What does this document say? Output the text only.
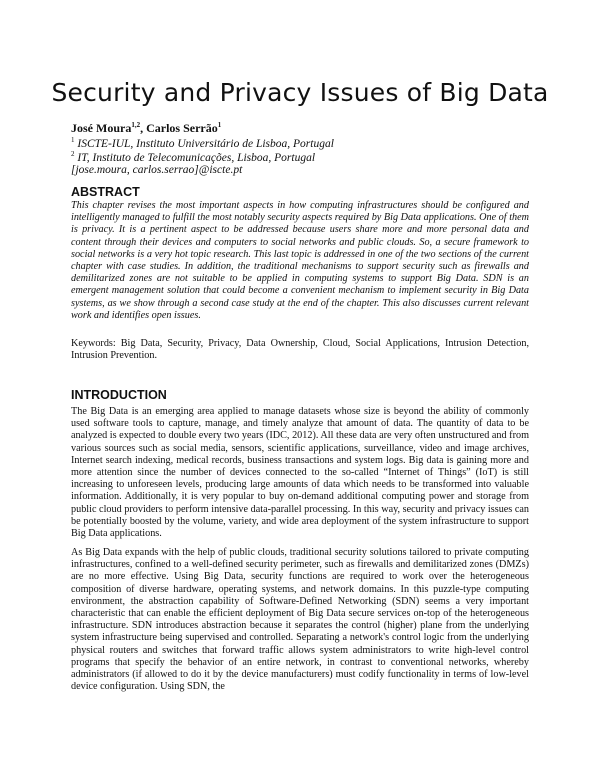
Security and Privacy Issues of Big Data
José Moura$^{1,2}$, Carlos Serrão$^1$
$^1$ ISCTE-IUL, Instituto Universitário de Lisboa, Portugal
$^2$ IT, Instituto de Telecomunicações, Lisboa, Portugal
[jose.moura, carlos.serrao]@iscte.pt
ABSTRACT

This chapter revises the most important aspects in how computing infrastructures should be configured and intelligently managed to fulfill the most notably security aspects required by Big Data applications. One of them is privacy. It is a pertinent aspect to be addressed because users share more and more personal data and content through their devices and computers to social networks and public clouds. So, a secure framework to social networks is a very hot topic research. This last topic is addressed in one of the two sections of the current chapter with case studies. In addition, the traditional mechanisms to support security such as firewalls and demilitarized zones are not suitable to be applied in computing systems to support Big Data. SDN is an emergent management solution that could become a convenient mechanism to implement security in Big Data systems, as we show through a second case study at the end of the chapter. This also discusses current relevant work and identifies open issues.

Keywords: Big Data, Security, Privacy, Data Ownership, Cloud, Social Applications, Intrusion Detection, Intrusion Prevention.

INTRODUCTION

The Big Data is an emerging area applied to manage datasets whose size is beyond the ability of commonly used software tools to capture, manage, and timely analyze that amount of data. The quantity of data to be analyzed is expected to double every two years (IDC, 2012). All these data are very often unstructured and from various sources such as social media, sensors, scientific applications, surveillance, video and image archives, Internet search indexing, medical records, business transactions and system logs. Big data is gaining more and more attention since the number of devices connected to the so-called “Internet of Things” (IoT) is still increasing to unforeseen levels, producing large amounts of data which needs to be transformed into valuable information. Additionally, it is very popular to buy on-demand additional computing power and storage from public cloud providers to perform intensive data-parallel processing. In this way, security and privacy issues can be potentially boosted by the volume, variety, and wide area deployment of the system infrastructure to support Big Data applications.

As Big Data expands with the help of public clouds, traditional security solutions tailored to private computing infrastructures, confined to a well-defined security perimeter, such as firewalls and demilitarized zones (DMZs) are no more effective. Using Big Data, security functions are required to work over the heterogeneous composition of diverse hardware, operating systems, and network domains. In this puzzle-type computing environment, the abstraction capability of Software-Defined Networking (SDN) seems a very important characteristic that can enable the efficient deployment of Big Data secure services on-top of the heterogeneous infrastructure. SDN introduces abstraction because it separates the control (higher) plane from the underlying system infrastructure being supervised and controlled. Separating a network's control logic from the underlying physical routers and switches that forward traffic allows system administrators to write high-level control programs that specify the behavior of an entire network, in contrast to conventional networks, whereby administrators (if allowed to do it by the device manufacturers) must codify functionality in terms of low-level device configuration. Using SDN, the
